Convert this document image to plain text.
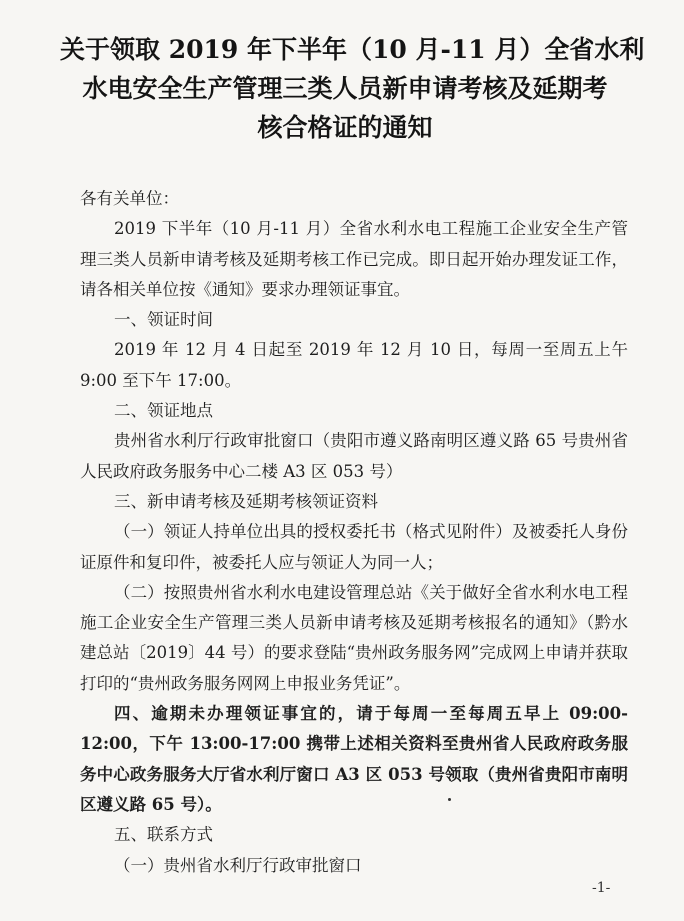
关于领取 2019 年下半年（10 月-11 月）全省水利
水电安全生产管理三类人员新申请考核及延期考
核合格证的通知

各有关单位：

2019 下半年（10 月-11 月）全省水利水电工程施工企业安全生产管理三类人员新申请考核及延期考核工作已完成。即日起开始办理发证工作，请各相关单位按《通知》要求办理领证事宜。

一、领证时间

2019 年 12 月 4 日起至 2019 年 12 月 10 日，每周一至周五上午 9:00 至下午 17:00。

二、领证地点

贵州省水利厅行政审批窗口（贵阳市遵义路南明区遵义路 65 号贵州省人民政府政务服务中心二楼 A3 区 053 号）

三、新申请考核及延期考核领证资料

（一）领证人持单位出具的授权委托书（格式见附件）及被委托人身份证原件和复印件，被委托人应与领证人为同一人；

（二）按照贵州省水利水电建设管理总站《关于做好全省水利水电工程施工企业安全生产管理三类人员新申请考核及延期考核报名的通知》（黔水建总站〔2019〕44 号）的要求登陆“贵州政务服务网”完成网上申请并获取打印的“贵州政务服务网网上申报业务凭证”。

四、逾期未办理领证事宜的，请于每周一至每周五早上 09:00-12:00，下午 13:00-17:00 携带上述相关资料至贵州省人民政府政务服务中心政务服务大厅省水利厅窗口 A3 区 053 号领取（贵州省贵阳市南明区遵义路 65 号）。

五、联系方式

（一）贵州省水利厅行政审批窗口

-1-
